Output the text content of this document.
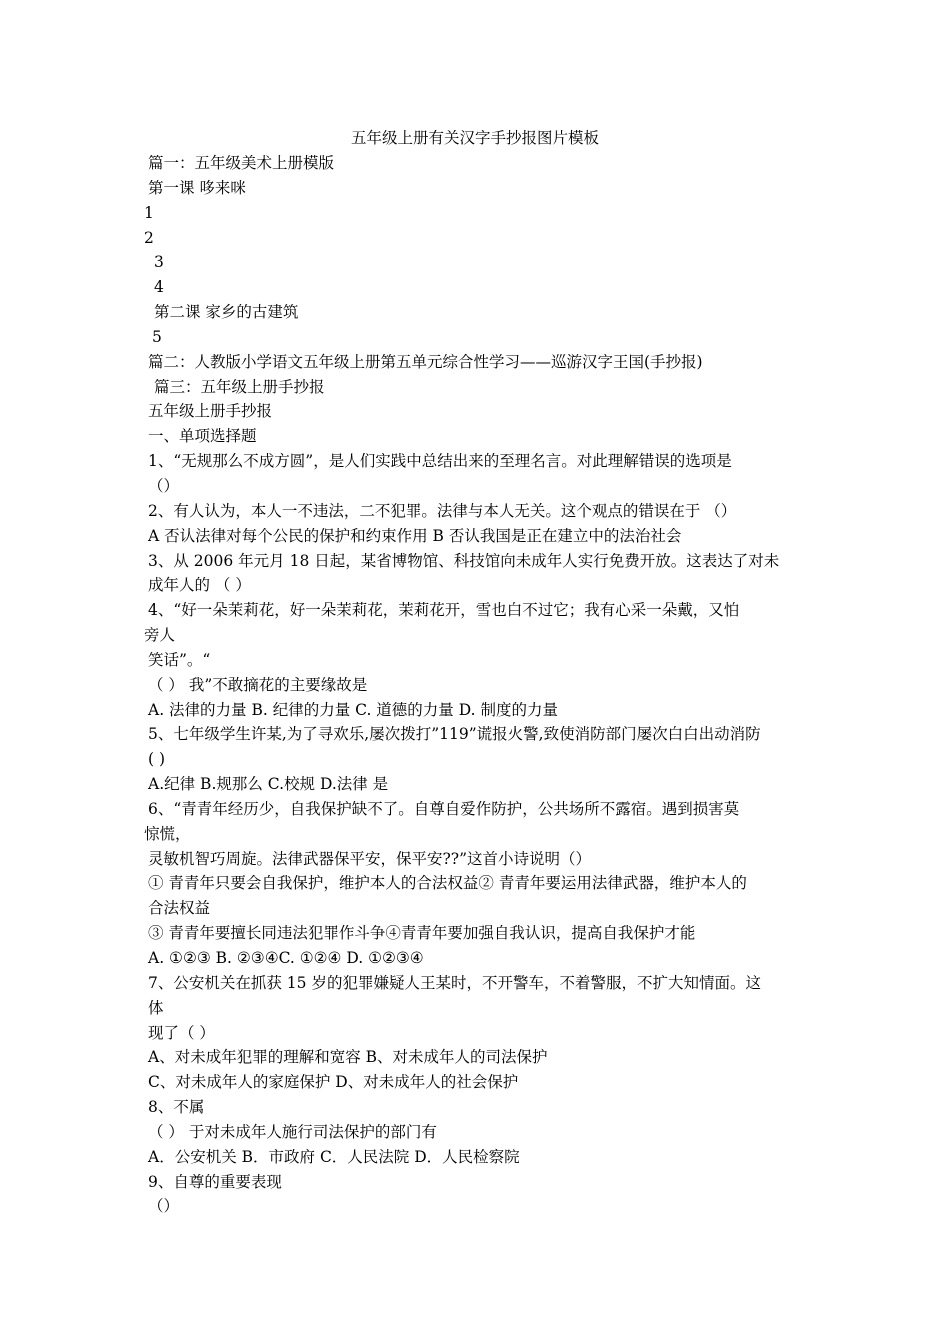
五年级上册有关汉字手抄报图片模板
篇一：五年级美术上册模版
第一课 哆来咪
1
2
3
4
第二课 家乡的古建筑
5
篇二：人教版小学语文五年级上册第五单元综合性学习——巡游汉字王国(手抄报)
篇三：五年级上册手抄报
五年级上册手抄报
一、单项选择题
1、“无规那么不成方圆”，是人们实践中总结出来的至理名言。对此理解错误的选项是
（）
2、有人认为，本人一不违法，二不犯罪。法律与本人无关。这个观点的错误在于 （）
A 否认法律对每个公民的保护和约束作用 B 否认我国是正在建立中的法治社会
3、从 2006 年元月 18 日起，某省博物馆、科技馆向未成年人实行免费开放。这表达了对未
成年人的 （ ）
4、“好一朵茉莉花，好一朵茉莉花，茉莉花开，雪也白不过它；我有心采一朵戴，又怕
旁人
笑话”。“
（ ） 我”不敢摘花的主要缘故是
A. 法律的力量 B. 纪律的力量 C. 道德的力量 D. 制度的力量
5、七年级学生许某,为了寻欢乐,屡次拨打”119”谎报火警,致使消防部门屡次白白出动消防
( )
A.纪律 B.规那么 C.校规 D.法律 是
6、“青青年经历少，自我保护缺不了。自尊自爱作防护，公共场所不露宿。遇到损害莫
惊慌，
灵敏机智巧周旋。法律武器保平安，保平安??”这首小诗说明（）
① 青青年只要会自我保护，维护本人的合法权益② 青青年要运用法律武器，维护本人的
合法权益
③ 青青年要擅长同违法犯罪作斗争④青青年要加强自我认识，提高自我保护才能
A. ①②③ B. ②③④C. ①②④ D. ①②③④
7、公安机关在抓获 15 岁的犯罪嫌疑人王某时，不开警车，不着警服，不扩大知情面。这
体
现了（ ）
A、对未成年犯罪的理解和宽容 B、对未成年人的司法保护
C、对未成年人的家庭保护 D、对未成年人的社会保护
8、不属
（ ） 于对未成年人施行司法保护的部门有
A．公安机关 B．市政府 C．人民法院 D．人民检察院
9、自尊的重要表现
（）
